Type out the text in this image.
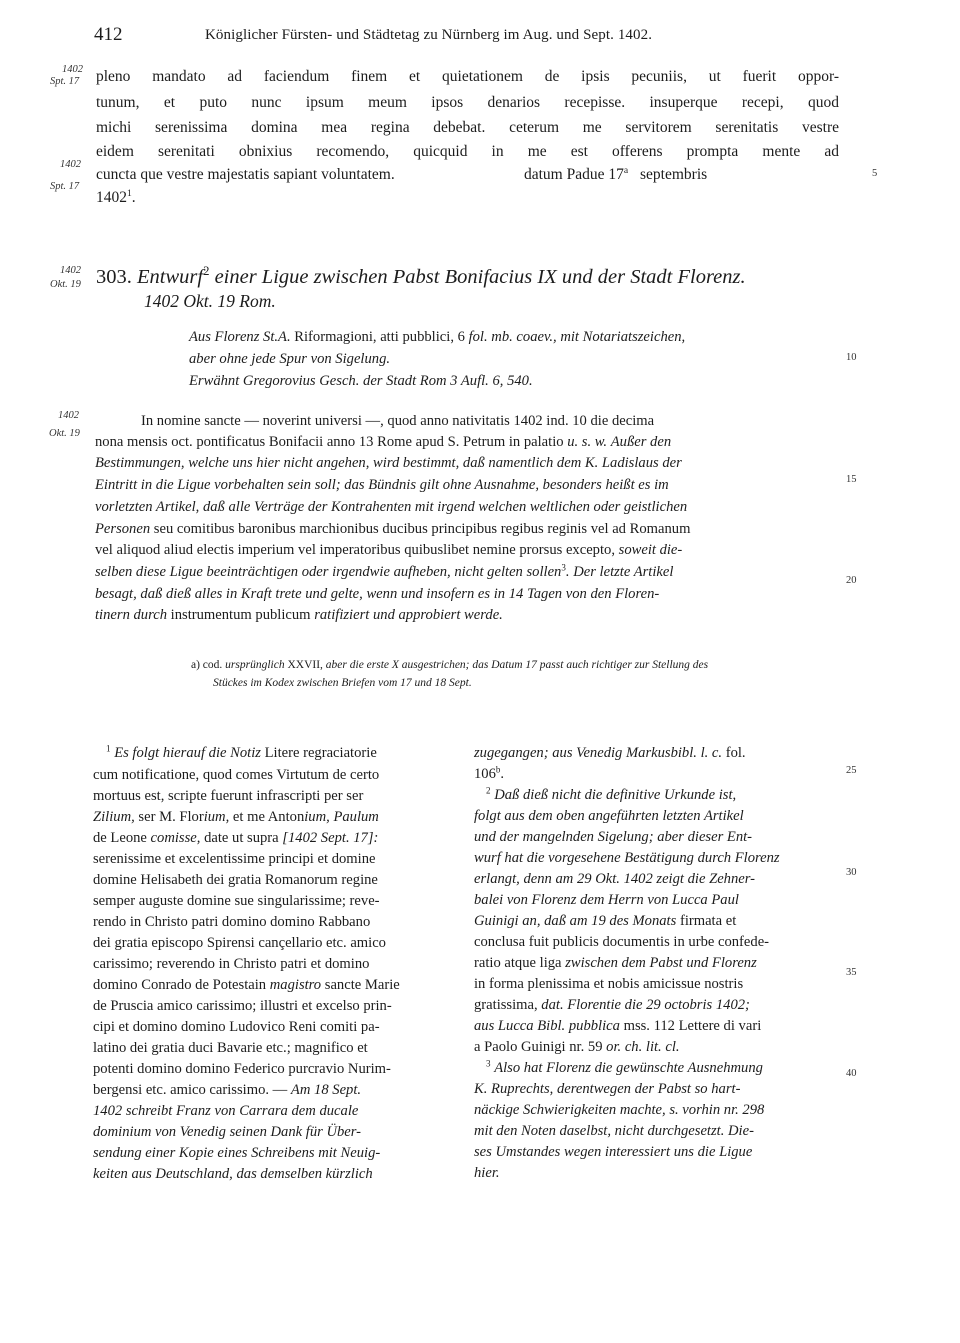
412	Königlicher Fürsten- und Städtetag zu Nürnberg im Aug. und Sept. 1402.
1402
Spt. 17
1402
Spt. 17
1402
Okt. 19
1402
Okt. 19
5
10
15
20
25
30
35
40
pleno mandato ad faciendum finem et quietationem de ipsis pecuniis, ut fuerit oppor-
tunum, et puto nunc ipsum meum ipsos denarios recepisse. insuperque recepi, quod
michi serenissima domina mea regina debebat. ceterum me servitorem serenitatis vestre
eidem serenitati obnixius recomendo, quicquid in me est offerens prompta mente ad
cuncta que vestre majestatis sapiant voluntatem.	datum Padue 17$^a$ septembris
1402$^1$.
303. Entwurf$^2$ einer Ligue zwischen Pabst Bonifacius IX und der Stadt Florenz.
1402 Okt. 19 Rom.
Aus Florenz St.A. Riformagioni, atti pubblici, 6 fol. mb. coaev., mit Notariatszeichen,
aber ohne jede Spur von Sigelung.
Erwähnt Gregorovius Gesch. der Stadt Rom 3 Aufl. 6, 540.
In nomine sancte — noverint universi —, quod anno nativitatis 1402 ind. 10 die decima
nona mensis oct. pontificatus Bonifacii anno 13 Rome apud S. Petrum in palatio u. s. w. Außer den
Bestimmungen, welche uns hier nicht angehen, wird bestimmt, daß namentlich dem K. Ladislaus der
Eintritt in die Ligue vorbehalten sein soll; das Bündnis gilt ohne Ausnahme, besonders heißt es im
vorletzten Artikel, daß alle Verträge der Kontrahenten mit irgend welchen weltlichen oder geistlichen
Personen seu comitibus baronibus marchionibus ducibus principibus regibus reginis vel ad Romanum
vel aliquod aliud electis imperium vel imperatoribus quibuslibet nemine prorsus excepto, soweit die-
selben diese Ligue beeinträchtigen oder irgendwie aufheben, nicht gelten sollen$^3$. Der letzte Artikel
besagt, daß dieß alles in Kraft trete und gelte, wenn und insofern es in 14 Tagen von den Floren-
tinern durch instrumentum publicum ratifiziert und approbiert werde.
a) cod. ursprünglich XXVII, aber die erste X ausgestrichen; das Datum 17 passt auch richtiger zur Stellung des
Stückes im Kodex zwischen Briefen vom 17 und 18 Sept.
$^1$ Es folgt hierauf die Notiz Litere regraciatorie
cum notificatione, quod comes Virtutum de certo
mortuus est, scripte fuerunt infrascripti per ser
Zilium, ser M. Florium, et me Antonium, Paulum
de Leone comisse, date ut supra [1402 Sept. 17]:
serenissime et excelentissime principi et domine
domine Helisabeth dei gratia Romanorum regine
semper auguste domine sue singularissime; reve-
rendo in Christo patri domino domino Rabbano
dei gratia episcopo Spirensi cançellario etc. amico
carissimo; reverendo in Christo patri et domino
domino Conrado de Potestain magistro sancte Marie
de Pruscia amico carissimo; illustri et excelso prin-
cipi et domino domino Ludovico Reni comiti pa-
latino dei gratia duci Bavarie etc.; magnifico et
potenti domino domino Federico purcravio Nurim-
bergensi etc. amico carissimo. — Am 18 Sept.
1402 schreibt Franz von Carrara dem ducale
dominium von Venedig seinen Dank für Über-
sendung einer Kopie eines Schreibens mit Neuig-
keiten aus Deutschland, das demselben kürzlich
zugegangen; aus Venedig Markusbibl. l. c. fol.
106$^b$.
$^2$ Daß dieß nicht die definitive Urkunde ist,
folgt aus dem oben angeführten letzten Artikel
und der mangelnden Sigelung; aber dieser Ent-
wurf hat die vorgesehene Bestätigung durch Florenz
erlangt, denn am 29 Okt. 1402 zeigt die Zehner-
balei von Florenz dem Herrn von Lucca Paul
Guinigi an, daß am 19 des Monats firmata et
conclusa fuit publicis documentis in urbe confede-
ratio atque liga zwischen dem Pabst und Florenz
in forma plenissima et nobis amicissue nostris
gratissima, dat. Florentie die 29 octobris 1402;
aus Lucca Bibl. pubblica mss. 112 Lettere di vari
a Paolo Guinigi nr. 59 or. ch. lit. cl.
$^3$ Also hat Florenz die gewünschte Ausnehmung
K. Ruprechts, derentwegen der Pabst so hart-
näckige Schwierigkeiten machte, s. vorhin nr. 298
mit den Noten daselbst, nicht durchgesetzt. Die-
ses Umstandes wegen interessiert uns die Ligue
hier.
